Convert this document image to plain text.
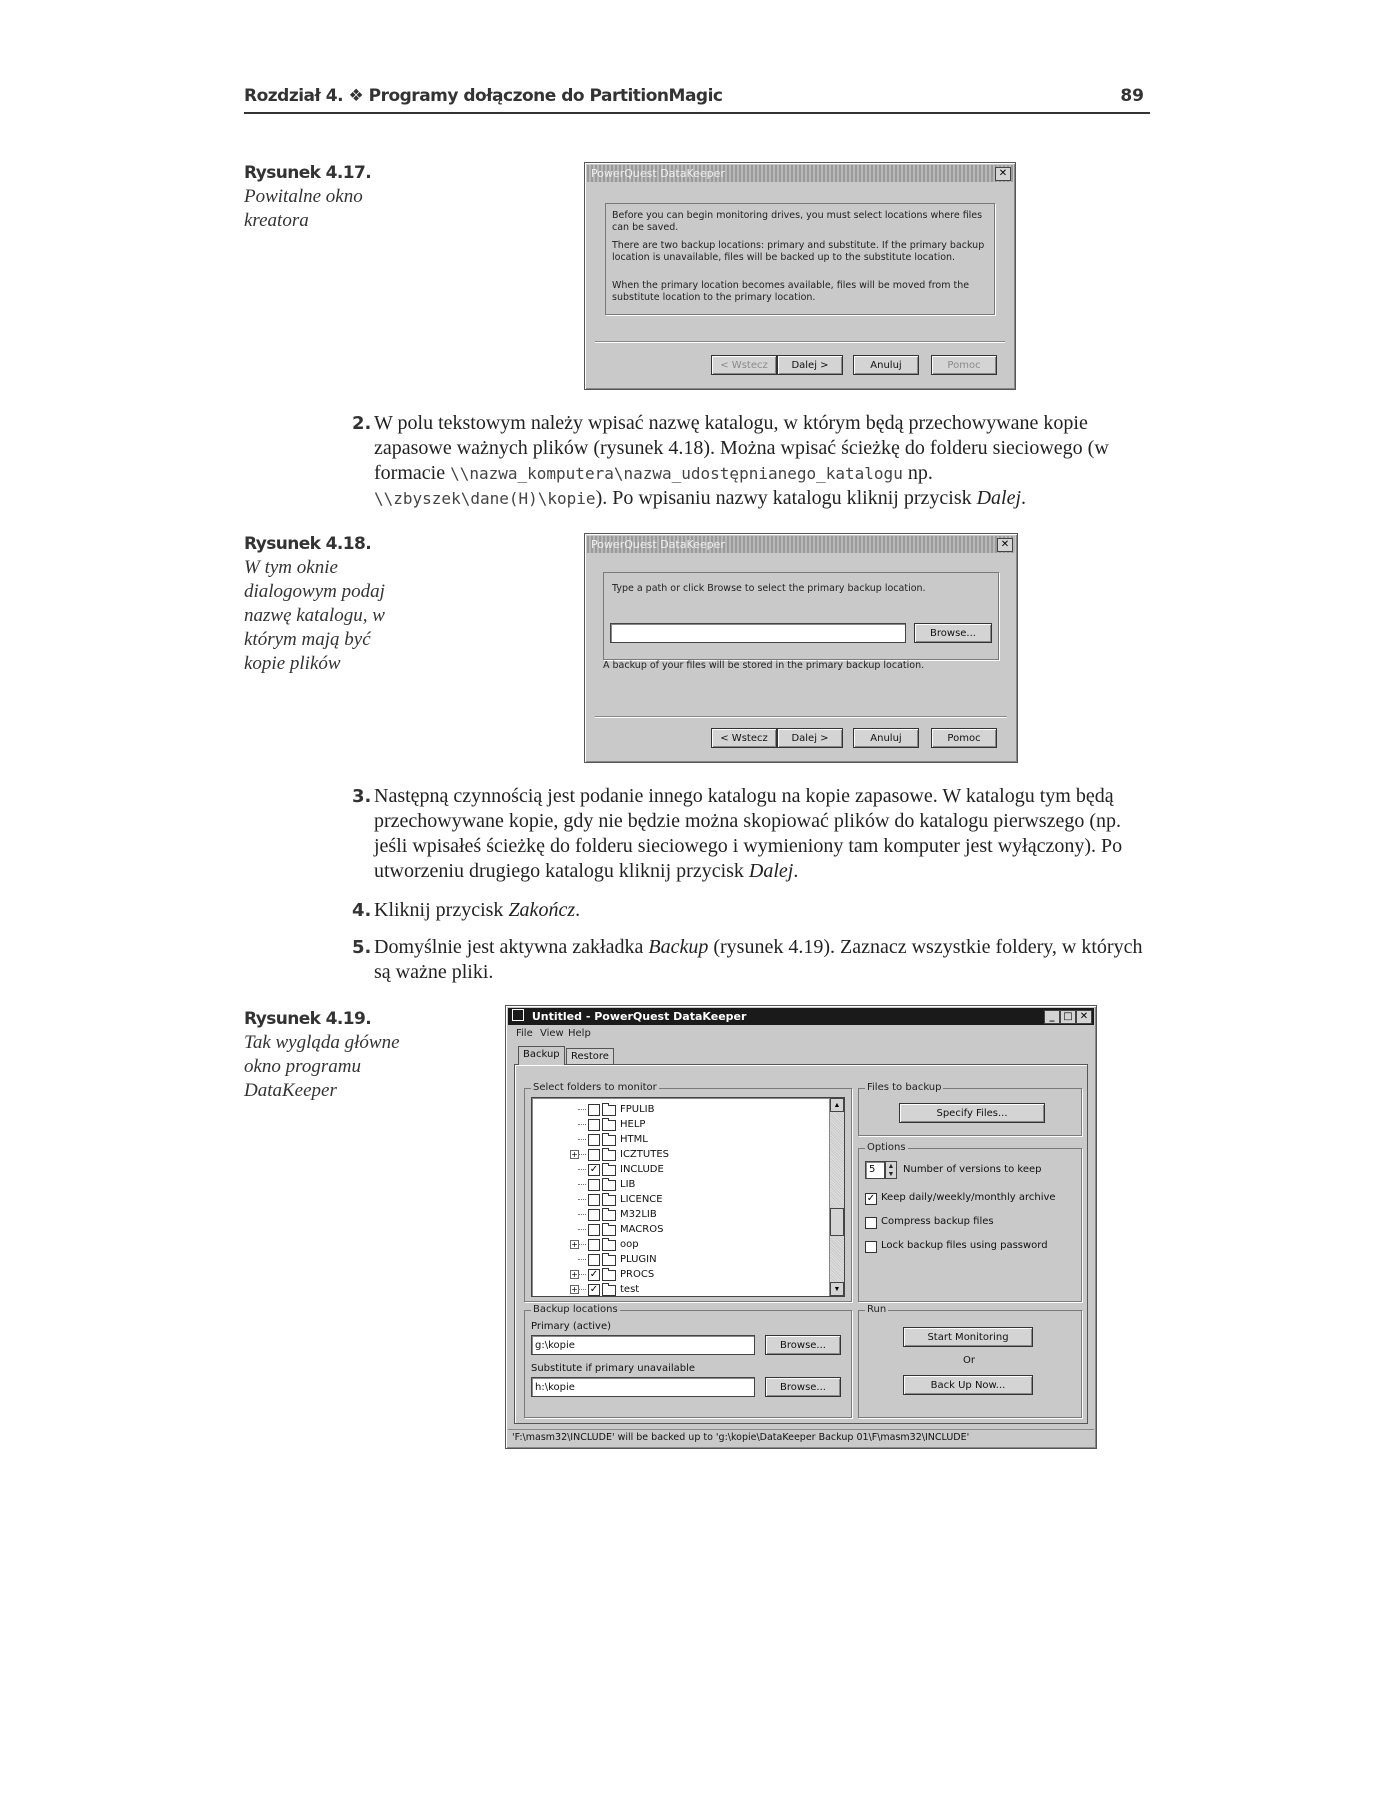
Rozdział 4. ❖ Programy dołączone do PartitionMagic	89
Rysunek 4.17.
Powitalne okno kreatora
PowerQuest DataKeeper	✕
Before you can begin monitoring drives, you must select locations where files can be saved.
There are two backup locations: primary and substitute. If the primary backup location is unavailable, files will be backed up to the substitute location.
When the primary location becomes available, files will be moved from the substitute location to the primary location.
< Wstecz	Dalej >	Anuluj	Pomoc
2. W polu tekstowym należy wpisać nazwę katalogu, w którym będą przechowywane kopie zapasowe ważnych plików (rysunek 4.18). Można wpisać ścieżkę do folderu sieciowego (w formacie \\nazwa_komputera\nazwa_udostępnianego_katalogu np. \\zbyszek\dane(H)\kopie). Po wpisaniu nazwy katalogu kliknij przycisk Dalej.
Rysunek 4.18.
W tym oknie dialogowym podaj nazwę katalogu, w którym mają być kopie plików
PowerQuest DataKeeper	✕
Type a path or click Browse to select the primary backup location.
Browse...
A backup of your files will be stored in the primary backup location.
< Wstecz	Dalej >	Anuluj	Pomoc
3. Następną czynnością jest podanie innego katalogu na kopie zapasowe. W katalogu tym będą przechowywane kopie, gdy nie będzie można skopiować plików do katalogu pierwszego (np. jeśli wpisałeś ścieżkę do folderu sieciowego i wymieniony tam komputer jest wyłączony). Po utworzeniu drugiego katalogu kliknij przycisk Dalej.
4. Kliknij przycisk Zakończ.
5. Domyślnie jest aktywna zakładka Backup (rysunek 4.19). Zaznacz wszystkie foldery, w których są ważne pliki.
Rysunek 4.19.
Tak wygląda główne okno programu DataKeeper
Untitled - PowerQuest DataKeeper	_ □ ✕
File View Help
Backup	Restore
Select folders to monitor
▲
▼
FPULIB
HELP
HTML
+	ICZTUTES
✓ INCLUDE
LIB
LICENCE
M32LIB
MACROS
+	oop
PLUGIN
+ ✓ PROCS
+ ✓ test
Files to backup
Specify Files...
Options
5
▲
▼ Number of versions to keep
✓ Keep daily/weekly/monthly archive
Compress backup files
Lock backup files using password
Backup locations
Primary (active)
g:\kopie
Browse...
Substitute if primary unavailable
h:\kopie
Browse...
Run
Start Monitoring
Or
Back Up Now...
'F:\masm32\INCLUDE' will be backed up to 'g:\kopie\DataKeeper Backup 01\F\masm32\INCLUDE'
